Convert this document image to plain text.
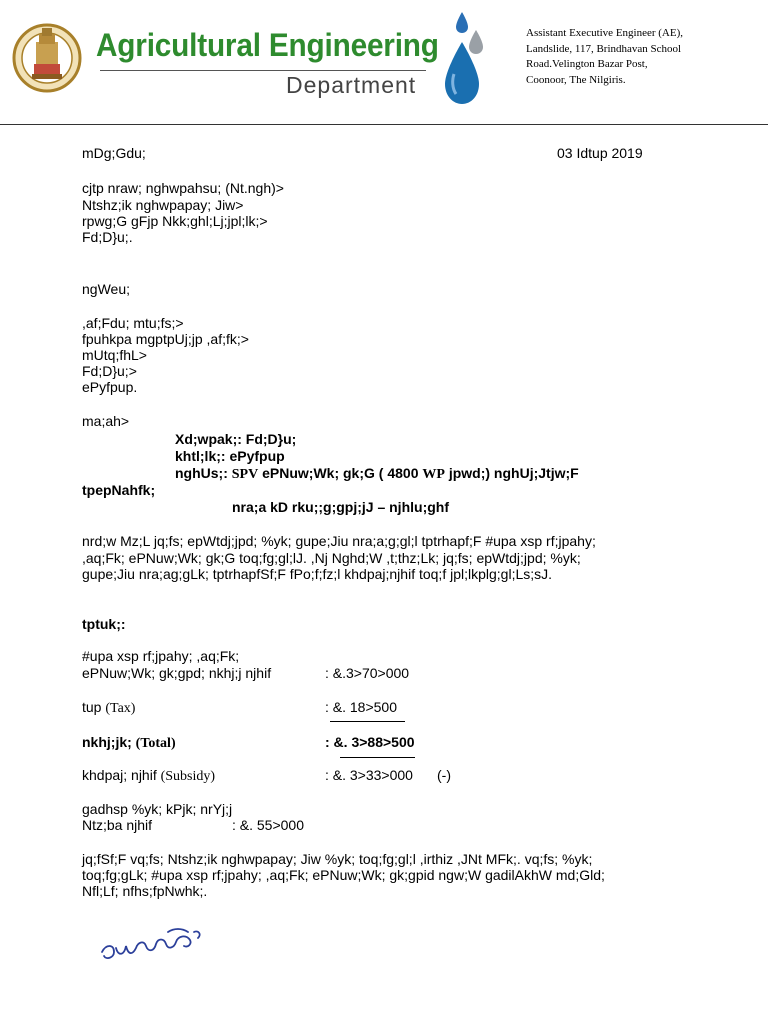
Agricultural Engineering
Department
Assistant Executive Engineer (AE),
Landslide, 117, Brindhavan School
Road.Velington Bazar Post,
Coonoor, The Nilgiris.
mDg;Gdu;	03 Idtup 2019
cjtp nraw; nghwpahsu; (Nt.ngh)>
Ntshz;ik nghwpapay; Jiw>
rpwg;G gFjp Nkk;ghl;Lj;jpl;lk;>
Fd;D}u;.
ngWeu;
,af;Fdu; mtu;fs;>
fpuhkpa mgptpUj;jp ,af;fk;>
mUtq;fhL>
Fd;D}u;>
ePyfpup.
ma;ah>
Xd;wpak;: Fd;D}u;
khtl;lk;: ePyfpup
nghUs;: SPV ePNuw;Wk; gk;G ( 4800 WP jpwd;) nghUj;Jtjw;F
tpepNahfk;
nra;a kD rku;;g;gpj;jJ – njhlu;ghf
nrd;w Mz;L jq;fs; epWtdj;jpd; %yk; gupe;Jiu nra;a;g;gl;l tptrhapf;F #upa xsp rf;jpahy;
,aq;Fk; ePNuw;Wk; gk;G toq;fg;gl;lJ. ,Nj Nghd;W ,t;thz;Lk; jq;fs; epWtdj;jpd; %yk;
gupe;Jiu nra;ag;gLk; tptrhapfSf;F fPo;f;fz;l khdpaj;njhif toq;f jpl;lkplg;gl;Ls;sJ.
tptuk;:
#upa xsp rf;jpahy; ,aq;Fk;
ePNuw;Wk; gk;gpd; nkhj;j njhif	: &.3>70>000
tup (Tax)	: &. 18>500
nkhj;jk; (Total)	: &. 3>88>500
khdpaj; njhif (Subsidy)	: &. 3>33>000 (-)
gadhsp %yk; kPjk; nrYj;j
Ntz;ba njhif	: &. 55>000
jq;fSf;F vq;fs; Ntshz;ik nghwpapay; Jiw %yk; toq;fg;gl;l ,irthiz ,JNt MFk;. vq;fs; %yk;
toq;fg;gLk; #upa xsp rf;jpahy; ,aq;Fk; ePNuw;Wk; gk;gpid ngw;W gadilAkhW md;Gld;
Nfl;Lf; nfhs;fpNwhk;.
